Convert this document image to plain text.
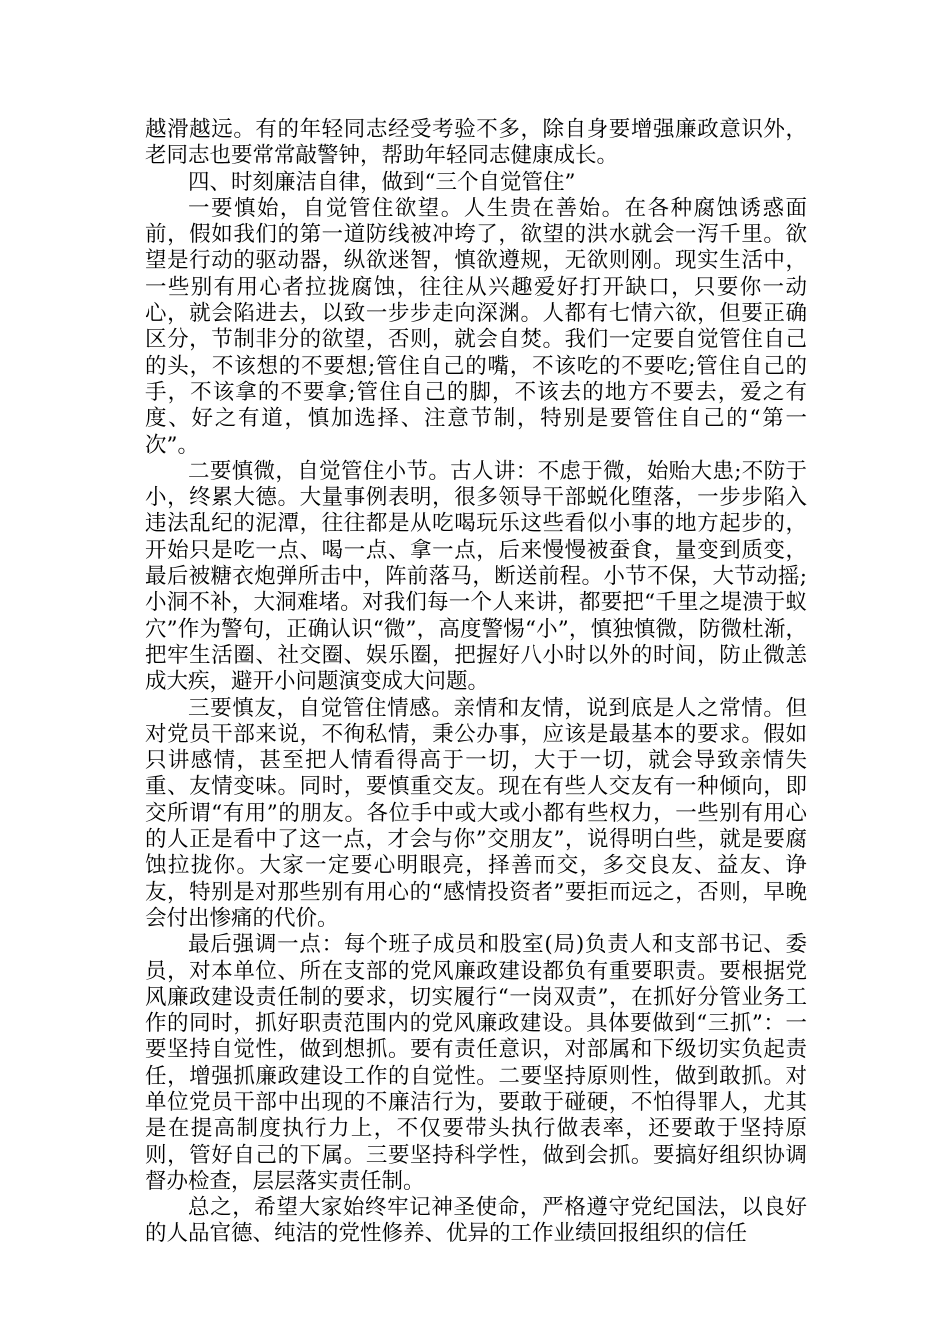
越滑越远。有的年轻同志经受考验不多，除自身要增强廉政意识外，老同志也要常常敲警钟，帮助年轻同志健康成长。

四、时刻廉洁自律，做到“三个自觉管住”

一要慎始，自觉管住欲望。人生贵在善始。在各种腐蚀诱惑面前，假如我们的第一道防线被冲垮了，欲望的洪水就会一泻千里。欲望是行动的驱动器，纵欲迷智，慎欲遵规，无欲则刚。现实生活中，一些别有用心者拉拢腐蚀，往往从兴趣爱好打开缺口，只要你一动心，就会陷进去，以致一步步走向深渊。人都有七情六欲，但要正确区分，节制非分的欲望，否则，就会自焚。我们一定要自觉管住自己的头，不该想的不要想;管住自己的嘴，不该吃的不要吃;管住自己的手，不该拿的不要拿;管住自己的脚，不该去的地方不要去，爱之有度、好之有道，慎加选择、注意节制，特别是要管住自己的“第一次”。

二要慎微，自觉管住小节。古人讲：不虑于微，始贻大患;不防于小，终累大德。大量事例表明，很多领导干部蜕化堕落，一步步陷入违法乱纪的泥潭，往往都是从吃喝玩乐这些看似小事的地方起步的，开始只是吃一点、喝一点、拿一点，后来慢慢被蚕食，量变到质变，最后被糖衣炮弹所击中，阵前落马，断送前程。小节不保，大节动摇;小洞不补，大洞难堵。对我们每一个人来讲，都要把“千里之堤溃于蚁穴”作为警句，正确认识“微”，高度警惕“小”，慎独慎微，防微杜渐，把牢生活圈、社交圈、娱乐圈，把握好八小时以外的时间，防止微恙成大疾，避开小问题演变成大问题。

三要慎友，自觉管住情感。亲情和友情，说到底是人之常情。但对党员干部来说，不徇私情，秉公办事，应该是最基本的要求。假如只讲感情，甚至把人情看得高于一切，大于一切，就会导致亲情失重、友情变味。同时，要慎重交友。现在有些人交友有一种倾向，即交所谓“有用”的朋友。各位手中或大或小都有些权力，一些别有用心的人正是看中了这一点，才会与你”交朋友”，说得明白些，就是要腐蚀拉拢你。大家一定要心明眼亮，择善而交，多交良友、益友、诤友，特别是对那些别有用心的“感情投资者”要拒而远之，否则，早晚会付出惨痛的代价。

最后强调一点：每个班子成员和股室(局)负责人和支部书记、委员，对本单位、所在支部的党风廉政建设都负有重要职责。要根据党风廉政建设责任制的要求，切实履行“一岗双责”，在抓好分管业务工作的同时，抓好职责范围内的党风廉政建设。具体要做到“三抓”：一要坚持自觉性，做到想抓。要有责任意识，对部属和下级切实负起责任，增强抓廉政建设工作的自觉性。二要坚持原则性，做到敢抓。对单位党员干部中出现的不廉洁行为，要敢于碰硬，不怕得罪人，尤其是在提高制度执行力上，不仅要带头执行做表率，还要敢于坚持原则，管好自己的下属。三要坚持科学性，做到会抓。要搞好组织协调督办检查，层层落实责任制。

总之，希望大家始终牢记神圣使命，严格遵守党纪国法，以良好的人品官德、纯洁的党性修养、优异的工作业绩回报组织的信任
